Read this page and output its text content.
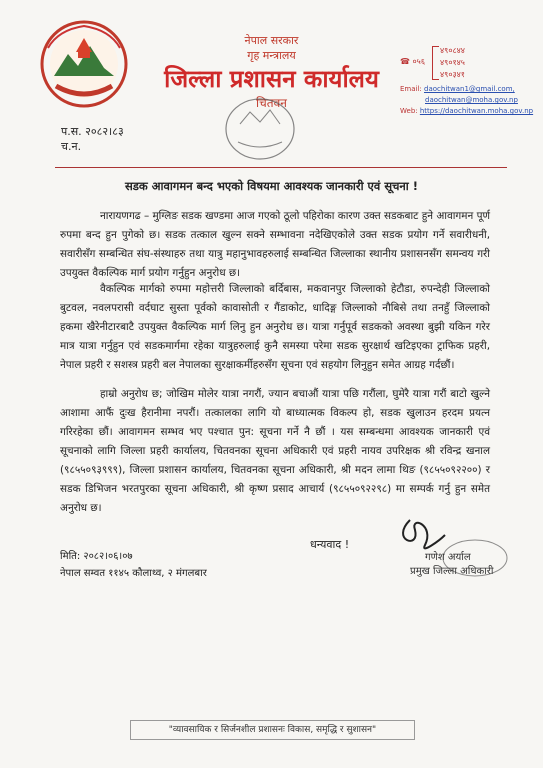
नेपाल सरकार
गृह मन्त्रालय
जिल्ला प्रशासन कार्यालय
चितवन
☎ ०५६
४९०८४४
४९०१४५
४९०३४१
Email: daochitwan1@gmail.com,
daochitwan@moha.gov.np
Web: https://daochitwan.moha.gov.np
प.स. २०८२।८३
च.न.
सडक आवागमन बन्द भएको विषयमा आवश्यक जानकारी एवं सूचना !
नारायणगढ – मुग्लिङ सडक खण्डमा आज गएको ठूलो पहिरोका कारण उक्त सडकबाट हुने आवागमन पूर्ण रुपमा बन्द हुन पुगेको छ। सडक तत्काल खुल्न सक्ने सम्भावना नदेखिएकोले उक्त सडक प्रयोग गर्ने सवारीधनी, सवारीसँग सम्बन्धित संघ-संस्थाहरु तथा यात्रु महानुभावहरुलाई सम्बन्धित जिल्लाका स्थानीय प्रशासनसँग समन्वय गरी उपयुक्त वैकल्पिक मार्ग प्रयोग गर्नुहुन अनुरोध छ।
वैकल्पिक मार्गको रुपमा महोत्तरी जिल्लाको बर्दिबास, मकवानपुर जिल्लाको हेटौडा, रुपन्देही जिल्लाको बुटवल, नवलपरासी वर्दघाट सुस्ता पूर्वको कावासोती र गैंडाकोट, धादिङ्ग जिल्लाको नौबिसे तथा तनहुँ जिल्लाको हकमा खैरेनीटारबाटै उपयुक्त वैकल्पिक मार्ग लिनु हुन अनुरोध छ। यात्रा गर्नुपूर्व सडकको अवस्था बुझी यकिन गरेर मात्र यात्रा गर्नुहुन एवं सडकमार्गमा रहेका यात्रुहरुलाई कुनै समस्या परेमा सडक सुरक्षार्थ खटिइएका ट्राफिक प्रहरी, नेपाल प्रहरी र सशस्त्र प्रहरी बल नेपालका सुरक्षाकर्मीहरुसँग सूचना एवं सहयोग लिनुहुन समेत आग्रह गर्दछौं।
हाम्रो अनुरोध छ; जोखिम मोलेर यात्रा नगरौं, ज्यान बचाऔं यात्रा पछि गरौंला, घुमेरै यात्रा गरौं बाटो खुल्ने आशामा आफैं दुःख हैरानीमा नपरौं। तत्कालका लागि यो बाध्यात्मक विकल्प हो, सडक खुलाउन हरदम प्रयत्न गरिरहेका छौं। आवागमन सम्भव भए पश्चात पुन: सूचना गर्ने नै छौं । यस सम्बन्धमा आवश्यक जानकारी एवं सूचनाको लागि जिल्ला प्रहरी कार्यालय, चितवनका सूचना अधिकारी एवं प्रहरी नायव उपरिक्षक श्री रविन्द्र खनाल (९८५५०९३९९९), जिल्ला प्रशासन कार्यालय, चितवनका सूचना अधिकारी, श्री मदन लामा थिङ (९८५५०९२२००) र सडक डिभिजन भरतपुरका सूचना अधिकारी, श्री कृष्ण प्रसाद आचार्य (९८५५०९२२९८) मा सम्पर्क गर्नु हुन समेत अनुरोध छ।
धन्यवाद !
गणेश अर्याल
प्रमुख जिल्ला अधिकारी
मिति: २०८२।०६।०७
नेपाल सम्वत ११४५ कौलाथ्व, २ मंगलबार
"व्यावसायिक र सिर्जनशील प्रशासनः विकास, समृद्धि र सुशासन"
